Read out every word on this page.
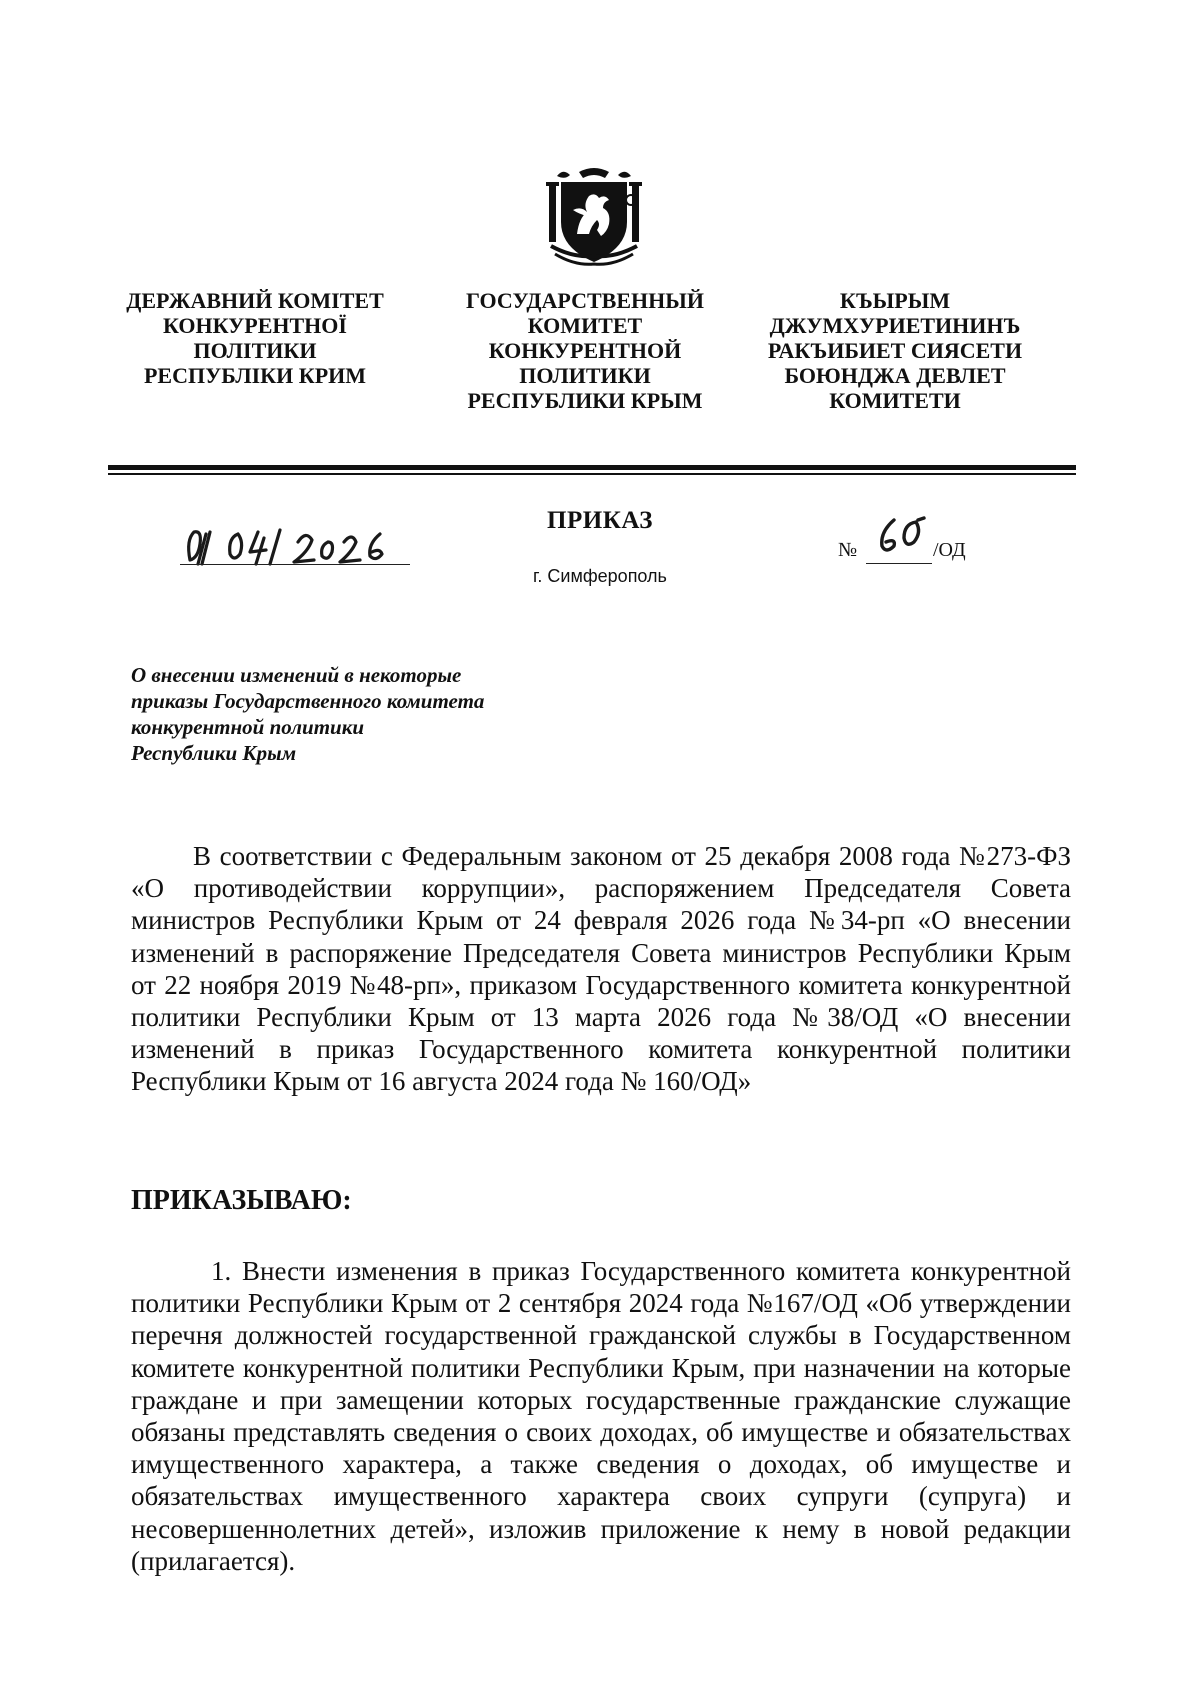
ДЕРЖАВНИЙ КОМІТЕТ
КОНКУРЕНТНОЇ
ПОЛІТИКИ
РЕСПУБЛІКИ КРИМ
ГОСУДАРСТВЕННЫЙ
КОМИТЕТ
КОНКУРЕНТНОЙ
ПОЛИТИКИ
РЕСПУБЛИКИ КРЫМ
КЪЫРЫМ
ДЖУМХУРИЕТИНИНЪ
РАКЪИБИЕТ СИЯСЕТИ
БОЮНДЖА ДЕВЛЕТ
КОМИТЕТИ
ПРИКАЗ
г. Симферополь
№	/ОД
О внесении изменений в некоторые
приказы Государственного комитета
конкурентной политики
Республики Крым
В соответствии с Федеральным законом от 25 декабря 2008 года №273-ФЗ «О противодействии коррупции», распоряжением Председателя Совета министров Республики Крым от 24 февраля 2026 года №34-рп «О внесении изменений в распоряжение Председателя Совета министров Республики Крым от 22 ноября 2019 №48-рп», приказом Государственного комитета конкурентной политики Республики Крым от 13 марта 2026 года №38/ОД «О внесении изменений в приказ Государственного комитета конкурентной политики Республики Крым от 16 августа 2024 года № 160/ОД»
ПРИКАЗЫВАЮ:
1. Внести изменения в приказ Государственного комитета конкурентной политики Республики Крым от 2 сентября 2024 года №167/ОД «Об утверждении перечня должностей государственной гражданской службы в Государственном комитете конкурентной политики Республики Крым, при назначении на которые граждане и при замещении которых государственные гражданские служащие обязаны представлять сведения о своих доходах, об имуществе и обязательствах имущественного характера, а также сведения о доходах, об имуществе и обязательствах имущественного характера своих супруги (супруга) и несовершеннолетних детей», изложив приложение к нему в новой редакции (прилагается).
